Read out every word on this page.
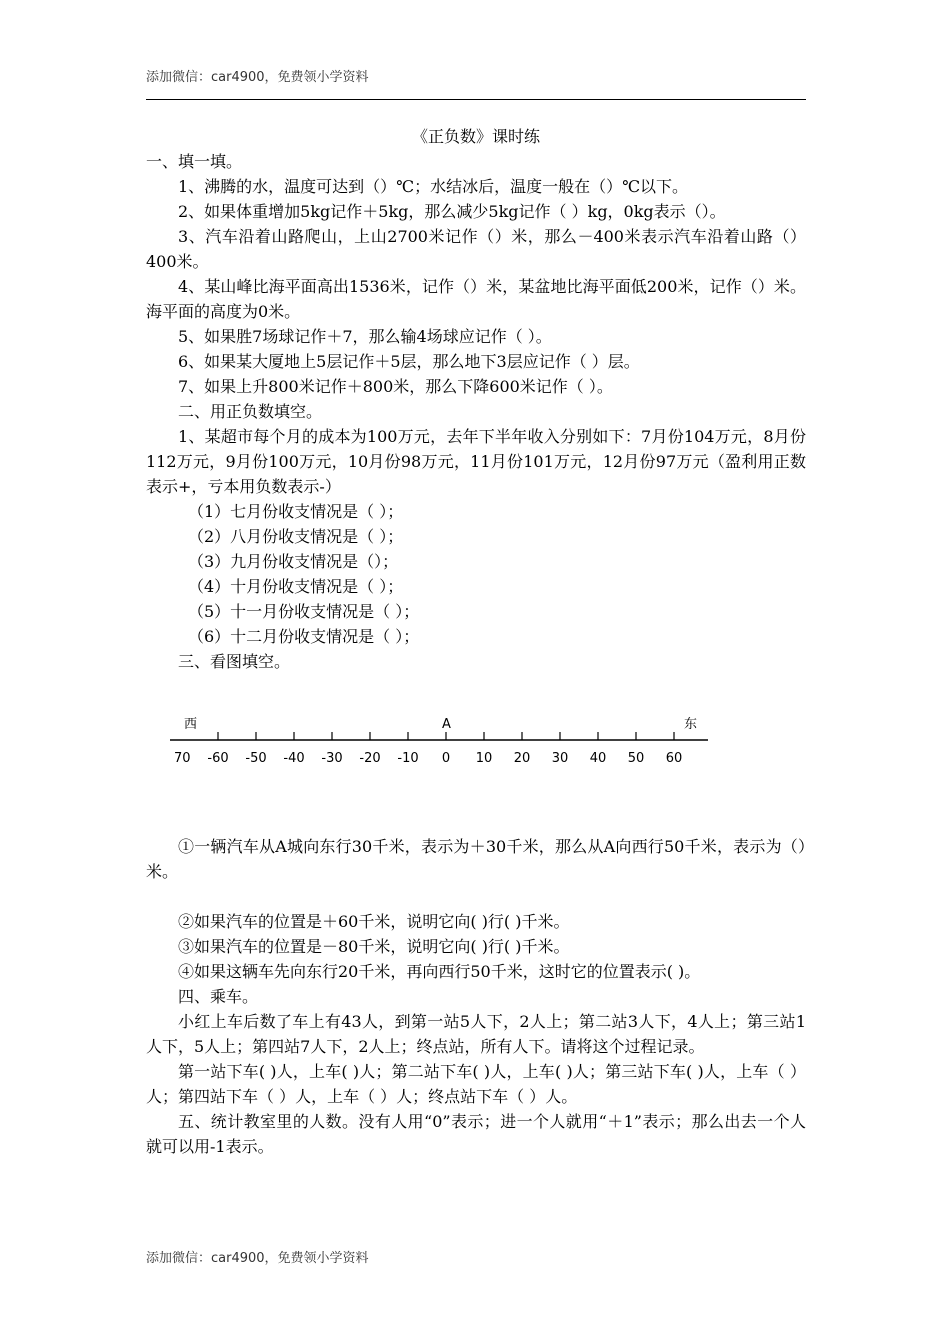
添加微信：car4900，免费领小学资料

《正负数》课时练

一、填一填。

1、沸腾的水，温度可达到（）℃；水结冰后，温度一般在（）℃以下。

2、如果体重增加5kg记作＋5kg，那么减少5kg记作（ ）kg，0kg表示（）。

3、汽车沿着山路爬山，上山2700米记作（）米，那么－400米表示汽车沿着山路（）400米。

4、某山峰比海平面高出1536米，记作（）米，某盆地比海平面低200米，记作（）米。海平面的高度为0米。

5、如果胜7场球记作＋7，那么输4场球应记作（ ）。

6、如果某大厦地上5层记作＋5层，那么地下3层应记作（ ）层。

7、如果上升800米记作＋800米，那么下降600米记作（ ）。

二、用正负数填空。

1、某超市每个月的成本为100万元，去年下半年收入分别如下：7月份104万元，8月份112万元，9月份100万元，10月份98万元，11月份101万元，12月份97万元（盈利用正数表示+，亏本用负数表示-）

（1）七月份收支情况是（ ）；

（2）八月份收支情况是（ ）；

（3）九月份收支情况是（）；

（4）十月份收支情况是（ ）；

（5）十一月份收支情况是（ ）；

（6）十二月份收支情况是（ ）；

三、看图填空。

西	A	东
70 -60 -50 -40 -30 -20 -10 0 10 20 30 40 50 60

①一辆汽车从A城向东行30千米，表示为＋30千米，那么从A向西行50千米，表示为（）米。

②如果汽车的位置是＋60千米，说明它向( )行( )千米。

③如果汽车的位置是－80千米，说明它向( )行( )千米。

④如果这辆车先向东行20千米，再向西行50千米，这时它的位置表示( )。

四、乘车。

小红上车后数了车上有43人，到第一站5人下，2人上；第二站3人下，4人上；第三站1人下，5人上；第四站7人下，2人上；终点站，所有人下。请将这个过程记录。

第一站下车( )人，上车( )人；第二站下车( )人，上车( )人；第三站下车( )人，上车（ ）人；第四站下车（ ）人，上车（ ）人；终点站下车（ ）人。

五、统计教室里的人数。没有人用“0”表示；进一个人就用“＋1”表示；那么出去一个人就可以用-1表示。

添加微信：car4900，免费领小学资料
